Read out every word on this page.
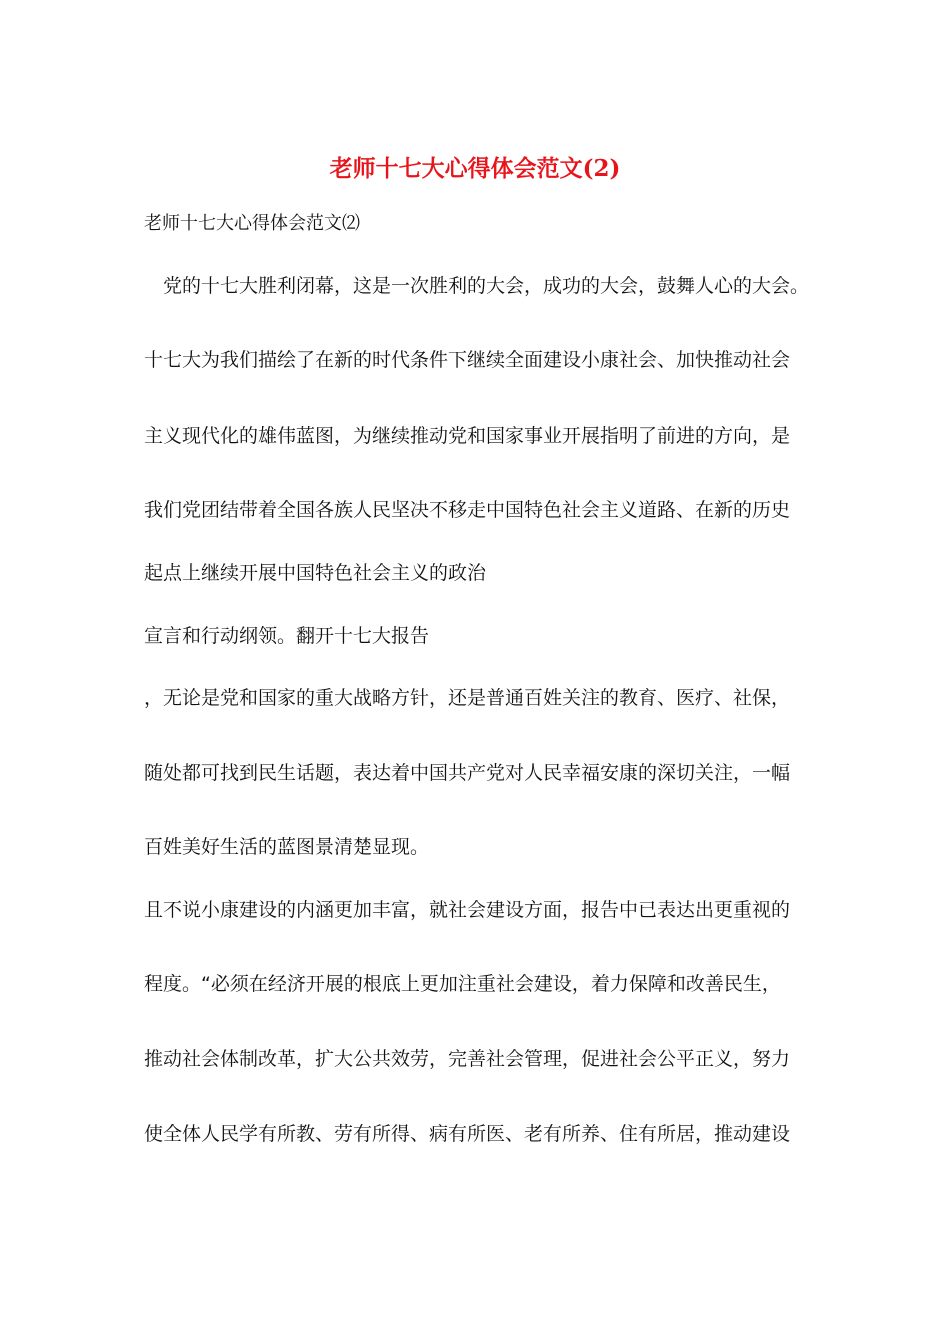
老师十七大心得体会范文(2)
老师十七大心得体会范文⑵
　党的十七大胜利闭幕，这是一次胜利的大会，成功的大会，鼓舞人心的大会。
十七大为我们描绘了在新的时代条件下继续全面建设小康社会、加快推动社会
主义现代化的雄伟蓝图，为继续推动党和国家事业开展指明了前进的方向，是
我们党团结带着全国各族人民坚决不移走中国特色社会主义道路、在新的历史
起点上继续开展中国特色社会主义的政治
宣言和行动纲领。翻开十七大报告
，无论是党和国家的重大战略方针，还是普通百姓关注的教育、医疗、社保，
随处都可找到民生话题，表达着中国共产党对人民幸福安康的深切关注，一幅
百姓美好生活的蓝图景清楚显现。
且不说小康建设的内涵更加丰富，就社会建设方面，报告中已表达出更重视的
程度。“必须在经济开展的根底上更加注重社会建设，着力保障和改善民生，
推动社会体制改革，扩大公共效劳，完善社会管理，促进社会公平正义，努力
使全体人民学有所教、劳有所得、病有所医、老有所养、住有所居，推动建设
